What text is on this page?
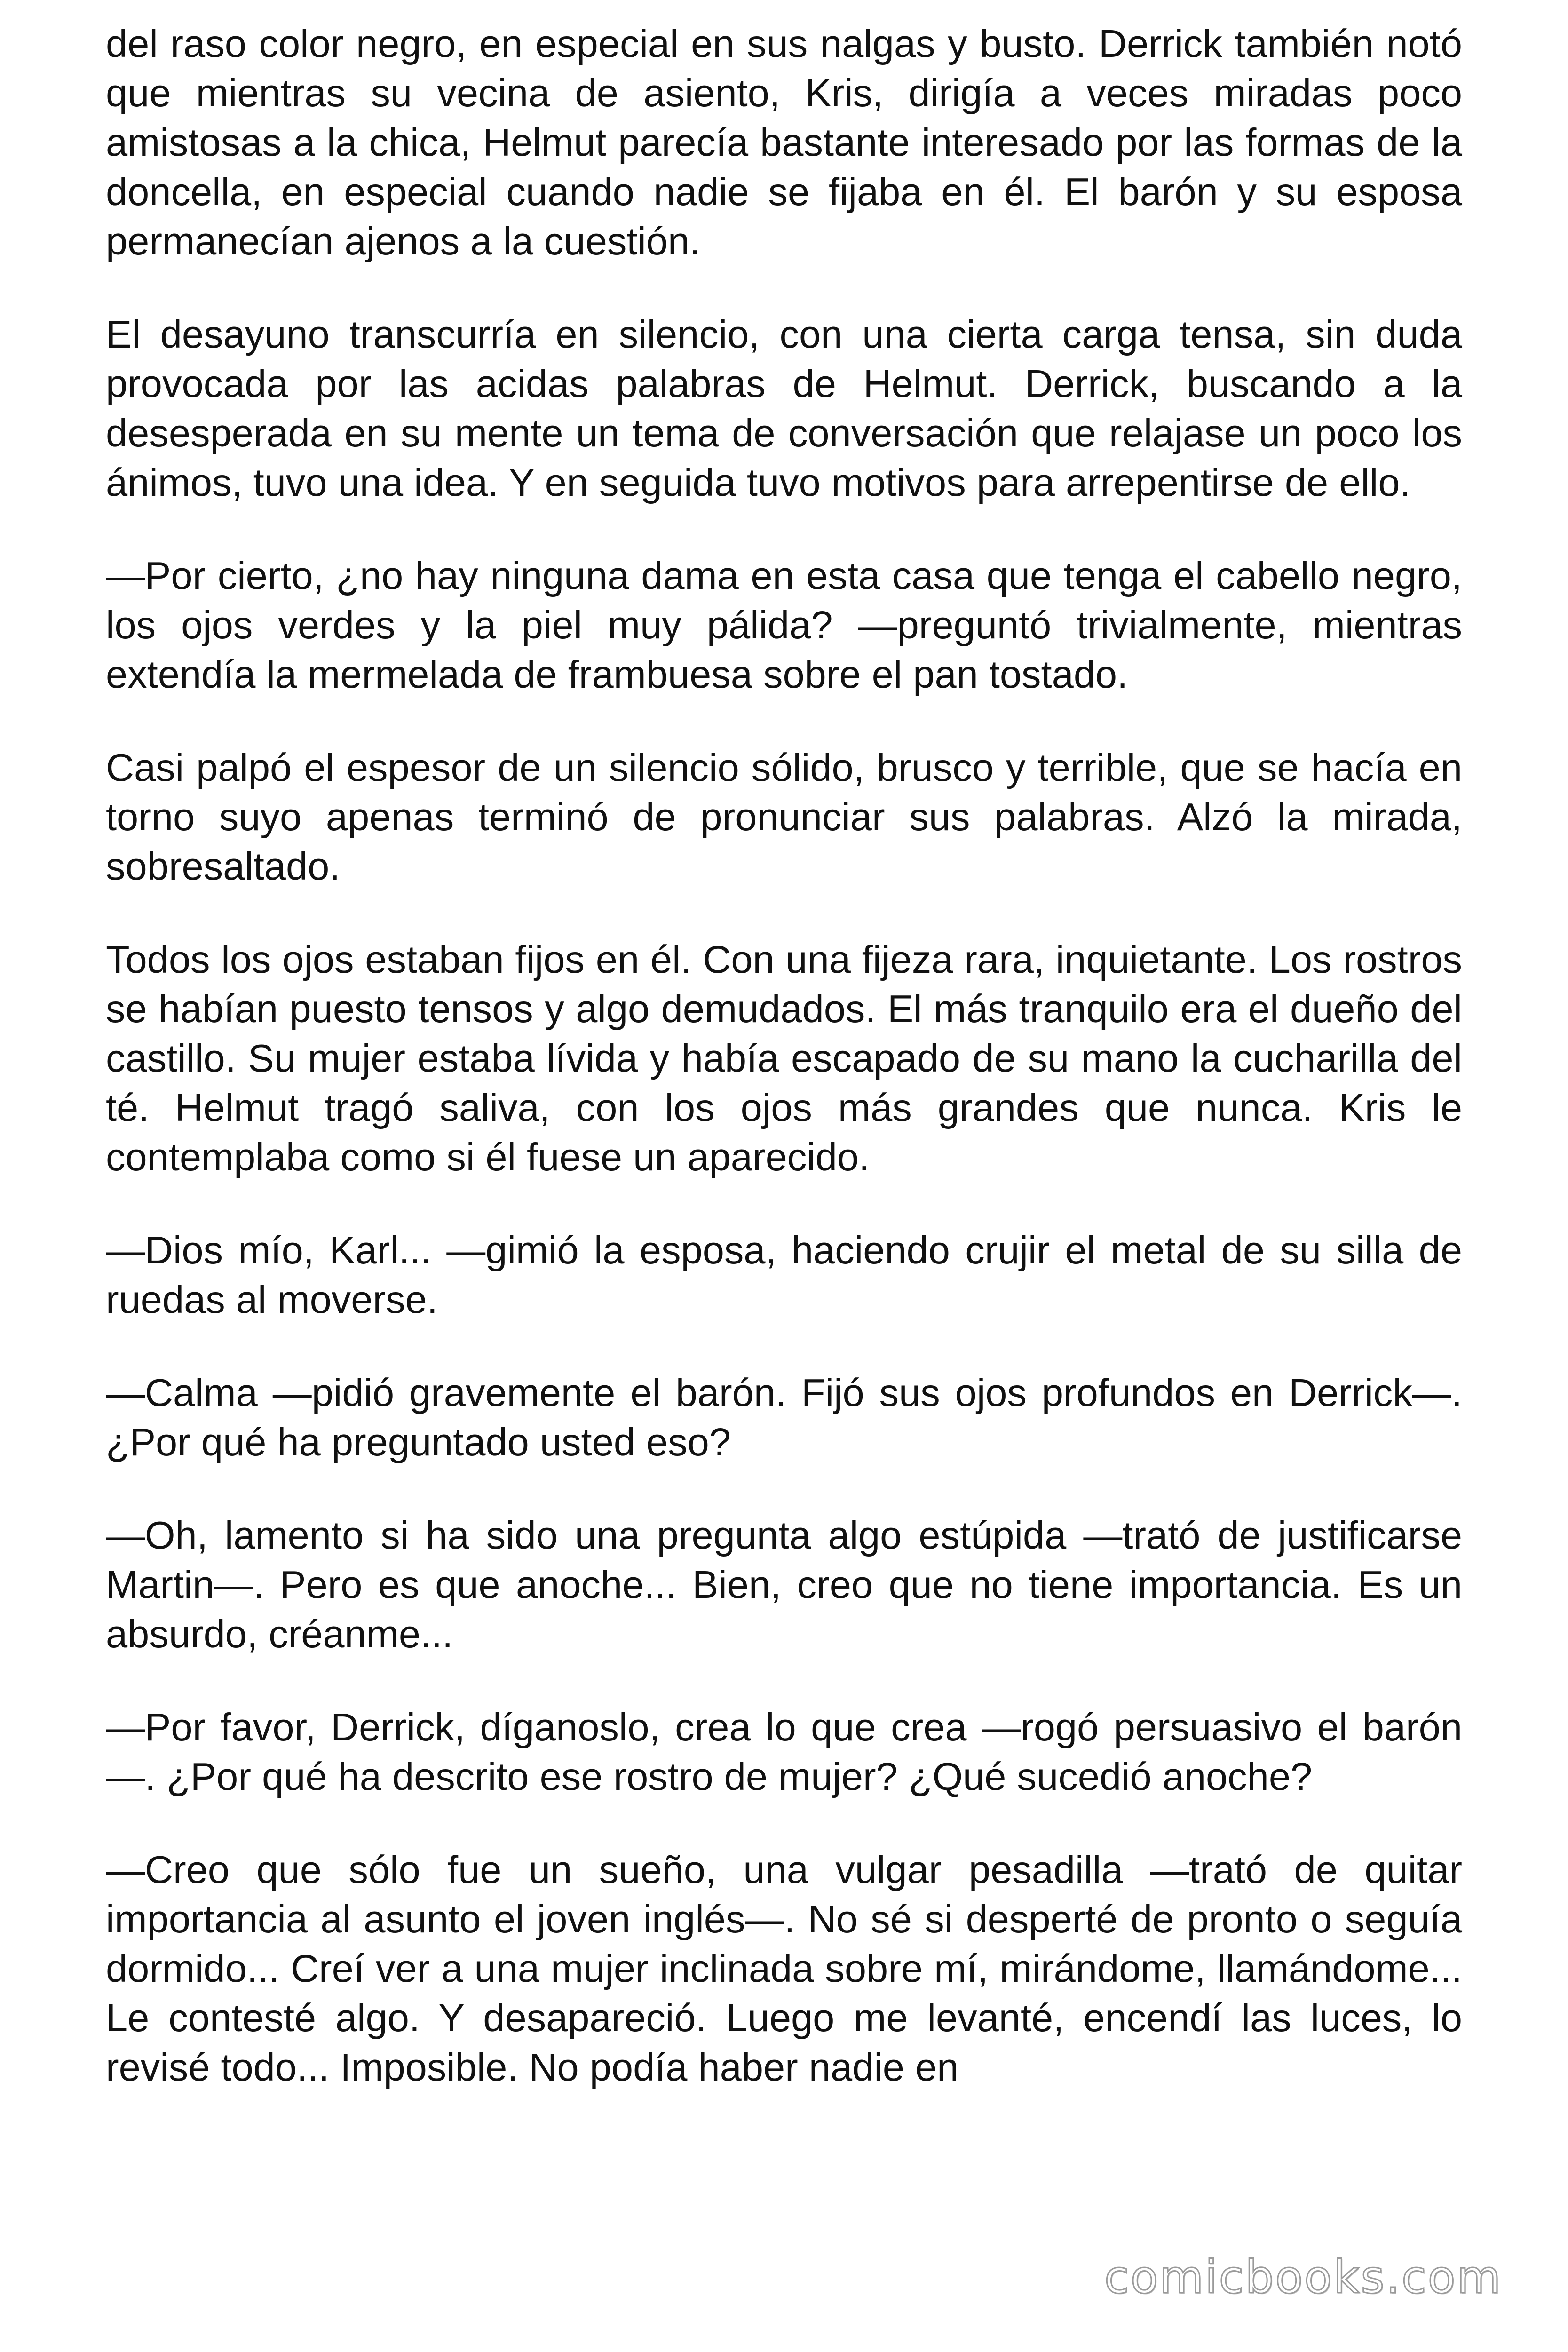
del raso color negro, en especial en sus nalgas y busto. Derrick también notó que mientras su vecina de asiento, Kris, dirigía a veces miradas poco amistosas a la chica, Helmut parecía bastante interesado por las formas de la doncella, en especial cuando nadie se fijaba en él. El barón y su esposa permanecían ajenos a la cuestión.

El desayuno transcurría en silencio, con una cierta carga tensa, sin duda provocada por las acidas palabras de Helmut. Derrick, buscando a la desesperada en su mente un tema de conversación que relajase un poco los ánimos, tuvo una idea. Y en seguida tuvo motivos para arrepentirse de ello.

—Por cierto, ¿no hay ninguna dama en esta casa que tenga el cabello negro, los ojos verdes y la piel muy pálida? —preguntó trivialmente, mientras extendía la mermelada de frambuesa sobre el pan tostado.

Casi palpó el espesor de un silencio sólido, brusco y terrible, que se hacía en torno suyo apenas terminó de pronunciar sus palabras. Alzó la mirada, sobresaltado.

Todos los ojos estaban fijos en él. Con una fijeza rara, inquietante. Los rostros se habían puesto tensos y algo demudados. El más tranquilo era el dueño del castillo. Su mujer estaba lívida y había escapado de su mano la cucharilla del té. Helmut tragó saliva, con los ojos más grandes que nunca. Kris le contemplaba como si él fuese un aparecido.

—Dios mío, Karl... —gimió la esposa, haciendo crujir el metal de su silla de ruedas al moverse.

—Calma —pidió gravemente el barón. Fijó sus ojos profundos en Derrick—. ¿Por qué ha preguntado usted eso?

—Oh, lamento si ha sido una pregunta algo estúpida —trató de justificarse Martin—. Pero es que anoche... Bien, creo que no tiene importancia. Es un absurdo, créanme...

—Por favor, Derrick, díganoslo, crea lo que crea —rogó persuasivo el barón—. ¿Por qué ha descrito ese rostro de mujer? ¿Qué sucedió anoche?

—Creo que sólo fue un sueño, una vulgar pesadilla —trató de quitar importancia al asunto el joven inglés—. No sé si desperté de pronto o seguía dormido... Creí ver a una mujer inclinada sobre mí, mirándome, llamándome... Le contesté algo. Y desapareció. Luego me levanté, encendí las luces, lo revisé todo... Imposible. No podía haber nadie en

comicbooks.com
